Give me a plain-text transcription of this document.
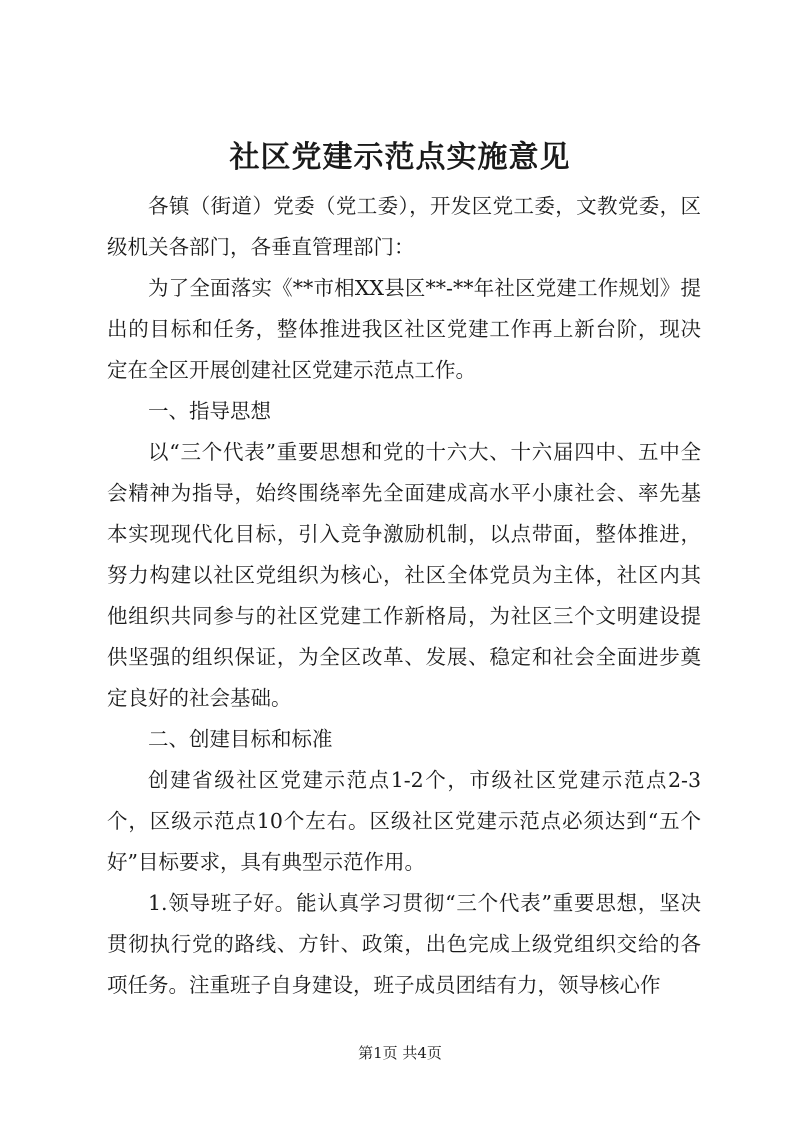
社区党建示范点实施意见

各镇（街道）党委（党工委），开发区党工委，文教党委，区级机关各部门，各垂直管理部门：

为了全面落实《**市相XX县区**-**年社区党建工作规划》提出的目标和任务，整体推进我区社区党建工作再上新台阶，现决定在全区开展创建社区党建示范点工作。

一、指导思想

以“三个代表”重要思想和党的十六大、十六届四中、五中全会精神为指导，始终围绕率先全面建成高水平小康社会、率先基本实现现代化目标，引入竞争激励机制，以点带面，整体推进，努力构建以社区党组织为核心，社区全体党员为主体，社区内其他组织共同参与的社区党建工作新格局，为社区三个文明建设提供坚强的组织保证，为全区改革、发展、稳定和社会全面进步奠定良好的社会基础。

二、创建目标和标准

创建省级社区党建示范点1-2个，市级社区党建示范点2-3个，区级示范点10个左右。区级社区党建示范点必须达到“五个好”目标要求，具有典型示范作用。

1.领导班子好。能认真学习贯彻“三个代表”重要思想，坚决贯彻执行党的路线、方针、政策，出色完成上级党组织交给的各项任务。注重班子自身建设，班子成员团结有力，领导核心作

第1页 共4页
